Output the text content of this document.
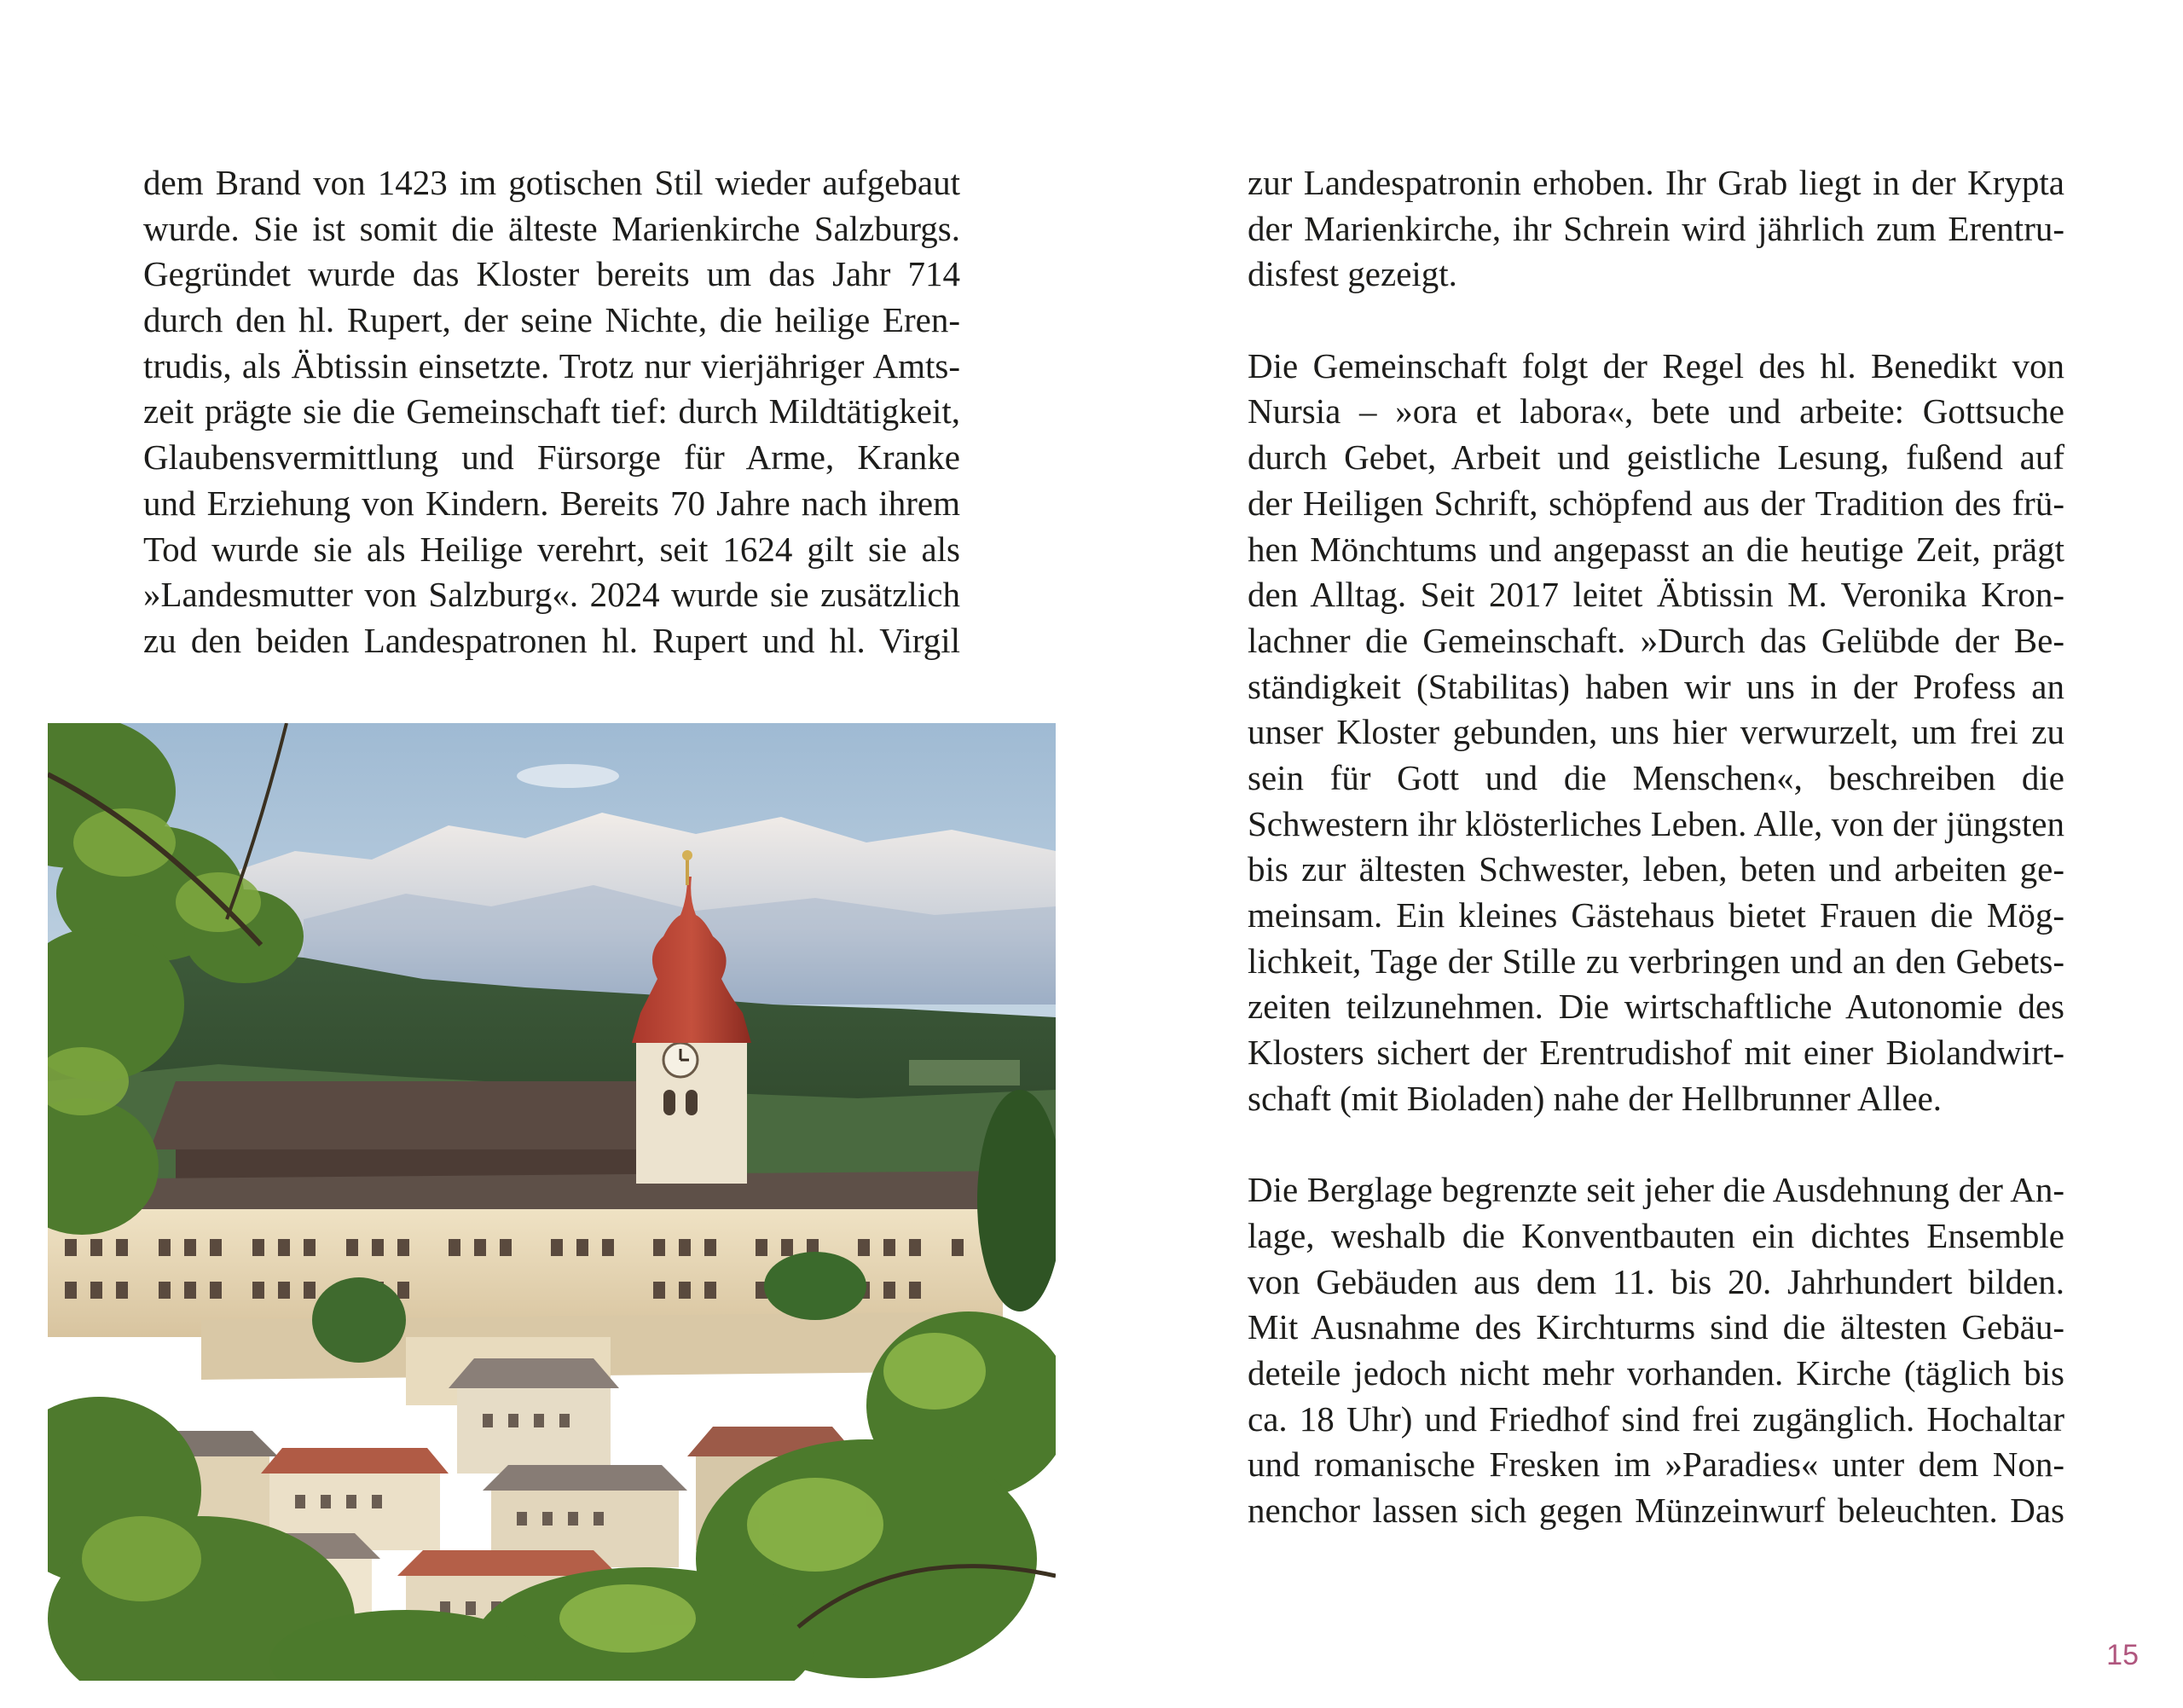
dem Brand von 1423 im gotischen Stil wieder aufgebaut
wurde. Sie ist somit die älteste Marienkirche Salzburgs.
Gegründet wurde das Kloster bereits um das Jahr 714
durch den hl. Rupert, der seine Nichte, die heilige Eren-
trudis, als Äbtissin einsetzte. Trotz nur vierjähriger Amts-
zeit prägte sie die Gemeinschaft tief: durch Mildtätigkeit,
Glaubensvermittlung und Fürsorge für Arme, Kranke
und Erziehung von Kindern. Bereits 70 Jahre nach ihrem
Tod wurde sie als Heilige verehrt, seit 1624 gilt sie als
»Landesmutter von Salzburg«. 2024 wurde sie zusätzlich
zu den beiden Landespatronen hl. Rupert und hl. Virgil
zur Landespatronin erhoben. Ihr Grab liegt in der Krypta
der Marienkirche, ihr Schrein wird jährlich zum Erentru-
disfest gezeigt.
Die Gemeinschaft folgt der Regel des hl. Benedikt von
Nursia – »ora et labora«, bete und arbeite: Gottsuche
durch Gebet, Arbeit und geistliche Lesung, fußend auf
der Heiligen Schrift, schöpfend aus der Tradition des frü-
hen Mönchtums und angepasst an die heutige Zeit, prägt
den Alltag. Seit 2017 leitet Äbtissin M. Veronika Kron-
lachner die Gemeinschaft. »Durch das Gelübde der Be-
ständigkeit (Stabilitas) haben wir uns in der Profess an
unser Kloster gebunden, uns hier verwurzelt, um frei zu
sein für Gott und die Menschen«, beschreiben die
Schwestern ihr klösterliches Leben. Alle, von der jüngsten
bis zur ältesten Schwester, leben, beten und arbeiten ge-
meinsam. Ein kleines Gästehaus bietet Frauen die Mög-
lichkeit, Tage der Stille zu verbringen und an den Gebets-
zeiten teilzunehmen. Die wirtschaftliche Autonomie des
Klosters sichert der Erentrudishof mit einer Biolandwirt-
schaft (mit Bioladen) nahe der Hellbrunner Allee.
Die Berglage begrenzte seit jeher die Ausdehnung der An-
lage, weshalb die Konventbauten ein dichtes Ensemble
von Gebäuden aus dem 11. bis 20. Jahrhundert bilden.
Mit Ausnahme des Kirchturms sind die ältesten Gebäu-
deteile jedoch nicht mehr vorhanden. Kirche (täglich bis
ca. 18 Uhr) und Friedhof sind frei zugänglich. Hochaltar
und romanische Fresken im »Paradies« unter dem Non-
nenchor lassen sich gegen Münzeinwurf beleuchten. Das
15
